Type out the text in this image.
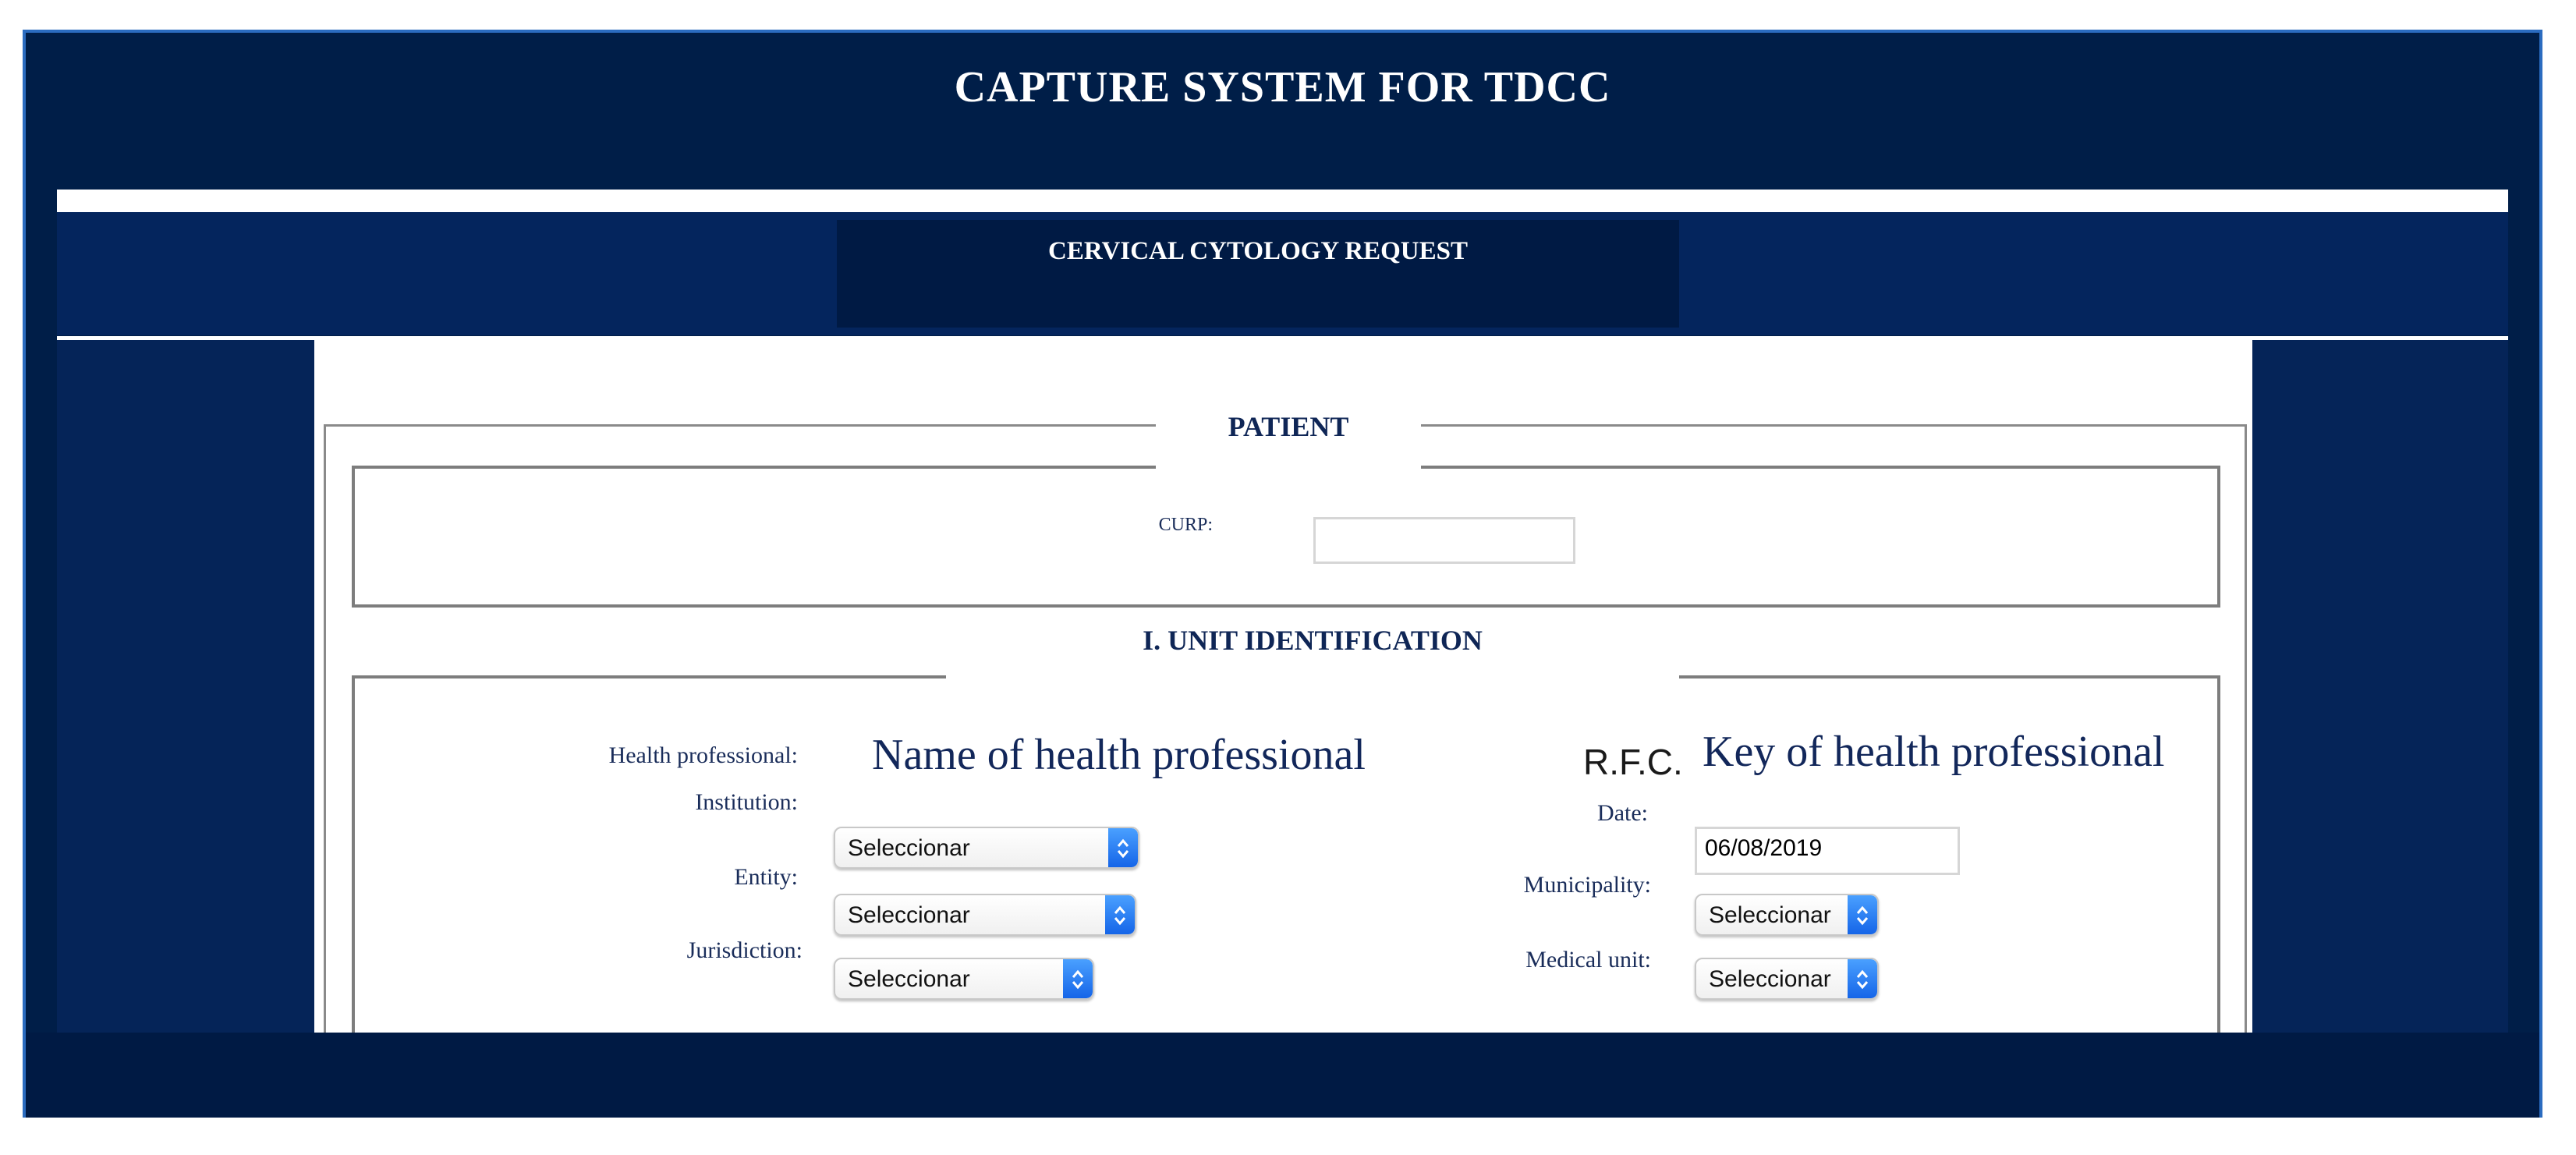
CAPTURE SYSTEM FOR TDCC
CERVICAL CYTOLOGY REQUEST
PATIENT
CURP:
I. UNIT IDENTIFICATION
Health professional: Name of health professional
Institution:
Seleccionar
Entity:
Seleccionar
Jurisdiction:
Seleccionar
R.F.C. Key of health professional
Date:
06/08/2019
Municipality:
Seleccionar
Medical unit:
Seleccionar
